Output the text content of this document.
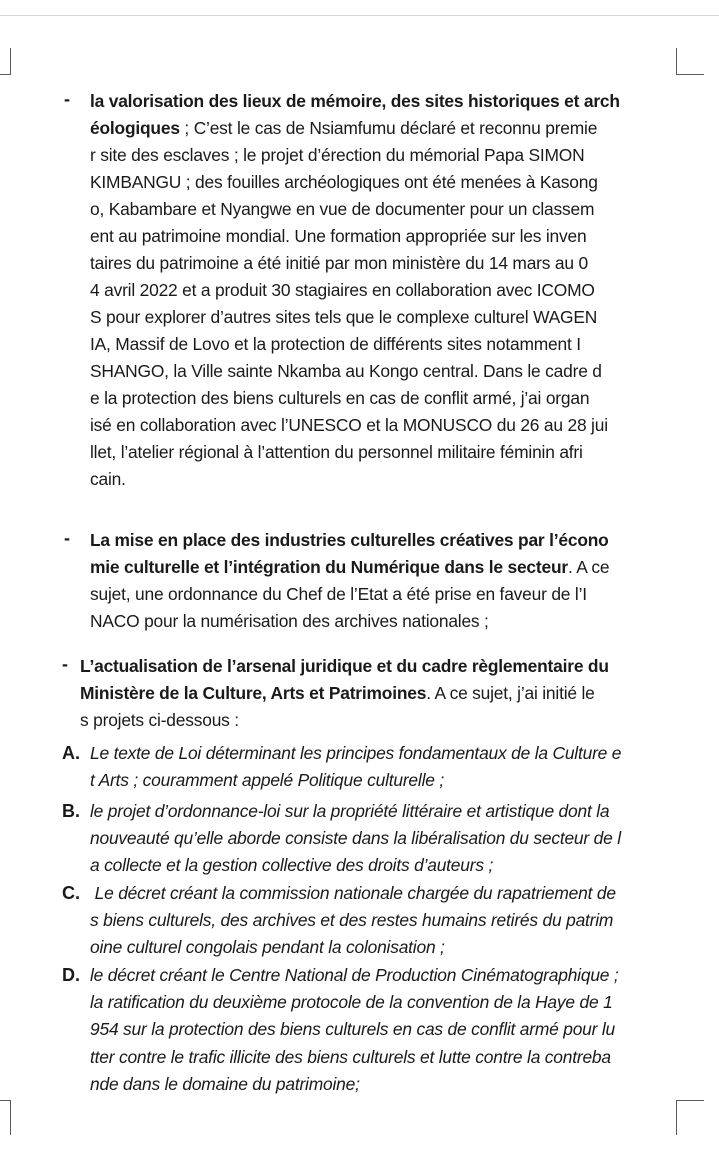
- la valorisation des lieux de mémoire, des sites historiques et arch
éologiques ; C’est le cas de Nsiamfumu déclaré et reconnu premie
r site des esclaves ; le projet d’érection du mémorial Papa SIMON
KIMBANGU ; des fouilles archéologiques ont été menées à Kasong
o, Kabambare et Nyangwe en vue de documenter pour un classem
ent au patrimoine mondial. Une formation appropriée sur les inven
taires du patrimoine a été initié par mon ministère du 14 mars au 0
4 avril 2022 et a produit 30 stagiaires en collaboration avec ICOMO
S pour explorer d’autres sites tels que le complexe culturel WAGEN
IA, Massif de Lovo et la protection de différents sites notamment I
SHANGO, la Ville sainte Nkamba au Kongo central. Dans le cadre d
e la protection des biens culturels en cas de conflit armé, j’ai organ
isé en collaboration avec l’UNESCO et la MONUSCO du 26 au 28 jui
llet, l’atelier régional à l’attention du personnel militaire féminin afri
cain.
- La mise en place des industries culturelles créatives par l’écono
mie culturelle et l’intégration du Numérique dans le secteur. A ce
sujet, une ordonnance du Chef de l’Etat a été prise en faveur de l’I
NACO pour la numérisation des archives nationales ;
- L’actualisation de l’arsenal juridique et du cadre règlementaire du
Ministère de la Culture, Arts et Patrimoines. A ce sujet, j’ai initié le
s projets ci-dessous :
A. Le texte de Loi déterminant les principes fondamentaux de la Culture e
t Arts ; couramment appelé Politique culturelle ;
B. le projet d’ordonnance-loi sur la propriété littéraire et artistique dont la
nouveauté qu’elle aborde consiste dans la libéralisation du secteur de l
a collecte et la gestion collective des droits d’auteurs ;
C. Le décret créant la commission nationale chargée du rapatriement de
s biens culturels, des archives et des restes humains retirés du patrim
oine culturel congolais pendant la colonisation ;
D. le décret créant le Centre National de Production Cinématographique ;
la ratification du deuxième protocole de la convention de la Haye de 1
954 sur la protection des biens culturels en cas de conflit armé pour lu
tter contre le trafic illicite des biens culturels et lutte contre la contreba
nde dans le domaine du patrimoine;
